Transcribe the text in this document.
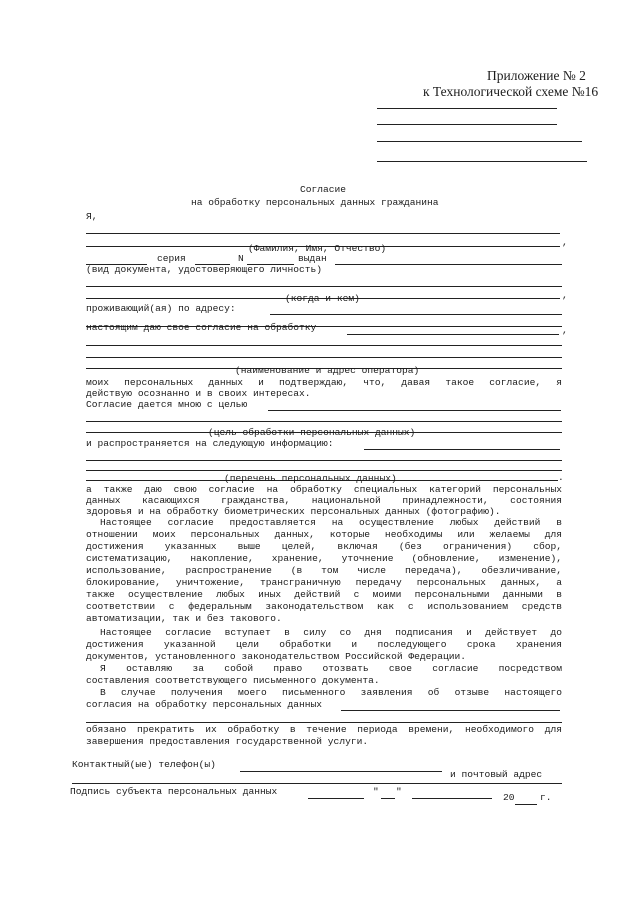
Приложение № 2
к Технологической схеме №16
Согласие
на обработку персональных данных гражданина
Я,
,
(Фамилия, Имя, Отчество)
серия	N	выдан
(вид документа, удостоверяющего личность)
,
(когда и кем)
проживающий(ая) по адресу:
настоящим даю свое согласие на обработку	,
(наименование и адрес оператора)
моих персональных данных и подтверждаю, что, давая такое согласие, я
действую осознанно и в своих интересах.
Согласие дается мною с целью
(цель обработки персональных данных)
и распространяется на следующую информацию:
.
(перечень персональных данных)
а также даю свою согласие на обработку специальных категорий персональных
данных касающихся гражданства, национальной принадлежности, состояния
здоровья и на обработку биометрических персональных данных (фотографию).
Настоящее согласие предоставляется на осуществление любых действий в
отношении моих персональных данных, которые необходимы или желаемы для
достижения указанных выше целей, включая (без ограничения) сбор,
систематизацию, накопление, хранение, уточнение (обновление, изменение),
использование, распространение (в том числе передача), обезличивание,
блокирование, уничтожение, трансграничную передачу персональных данных, а
также осуществление любых иных действий с моими персональными данными в
соответствии с федеральным законодательством как с использованием средств
автоматизации, так и без такового.
Настоящее согласие вступает в силу со дня подписания и действует до
достижения указанной цели обработки и последующего срока хранения
документов, установленного законодательством Российской Федерации.
Я оставляю за собой право отозвать свое согласие посредством
составления соответствующего письменного документа.
В случае получения моего письменного заявления об отзыве настоящего
согласия на обработку персональных данных
обязано прекратить их обработку в течение периода времени, необходимого для
завершения предоставления государственной услуги.
Контактный(ые) телефон(ы)
и почтовый адрес
Подпись субъекта персональных данных	" "
20	г.
